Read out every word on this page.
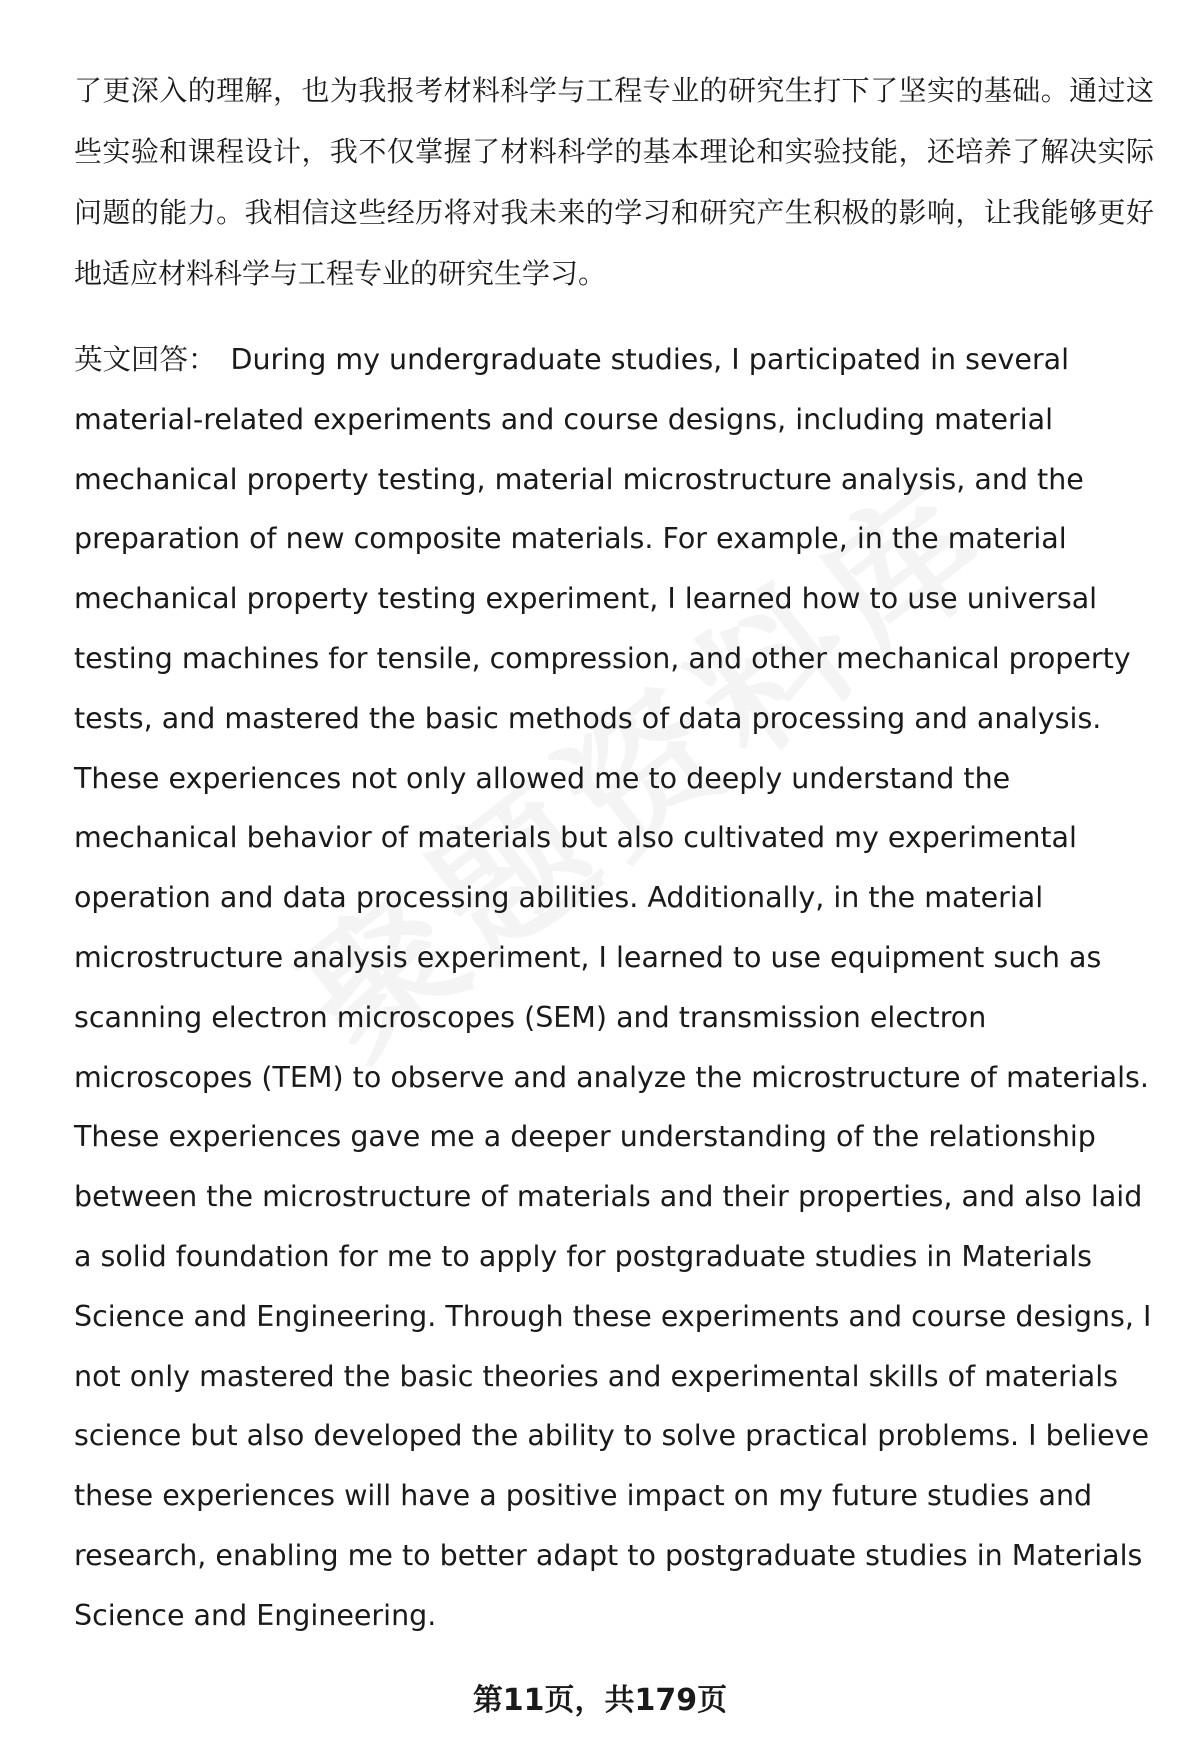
了更深入的理解，也为我报考材料科学与工程专业的研究生打下了坚实的基础。通过这些实验和课程设计，我不仅掌握了材料科学的基本理论和实验技能，还培养了解决实际问题的能力。我相信这些经历将对我未来的学习和研究产生积极的影响，让我能够更好地适应材料科学与工程专业的研究生学习。

英文回答： During my undergraduate studies, I participated in several material-related experiments and course designs, including material mechanical property testing, material microstructure analysis, and the preparation of new composite materials. For example, in the material mechanical property testing experiment, I learned how to use universal testing machines for tensile, compression, and other mechanical property tests, and mastered the basic methods of data processing and analysis. These experiences not only allowed me to deeply understand the mechanical behavior of materials but also cultivated my experimental operation and data processing abilities. Additionally, in the material microstructure analysis experiment, I learned to use equipment such as scanning electron microscopes (SEM) and transmission electron microscopes (TEM) to observe and analyze the microstructure of materials. These experiences gave me a deeper understanding of the relationship between the microstructure of materials and their properties, and also laid a solid foundation for me to apply for postgraduate studies in Materials Science and Engineering. Through these experiments and course designs, I not only mastered the basic theories and experimental skills of materials science but also developed the ability to solve practical problems. I believe these experiences will have a positive impact on my future studies and research, enabling me to better adapt to postgraduate studies in Materials Science and Engineering.

第11页，共179页
